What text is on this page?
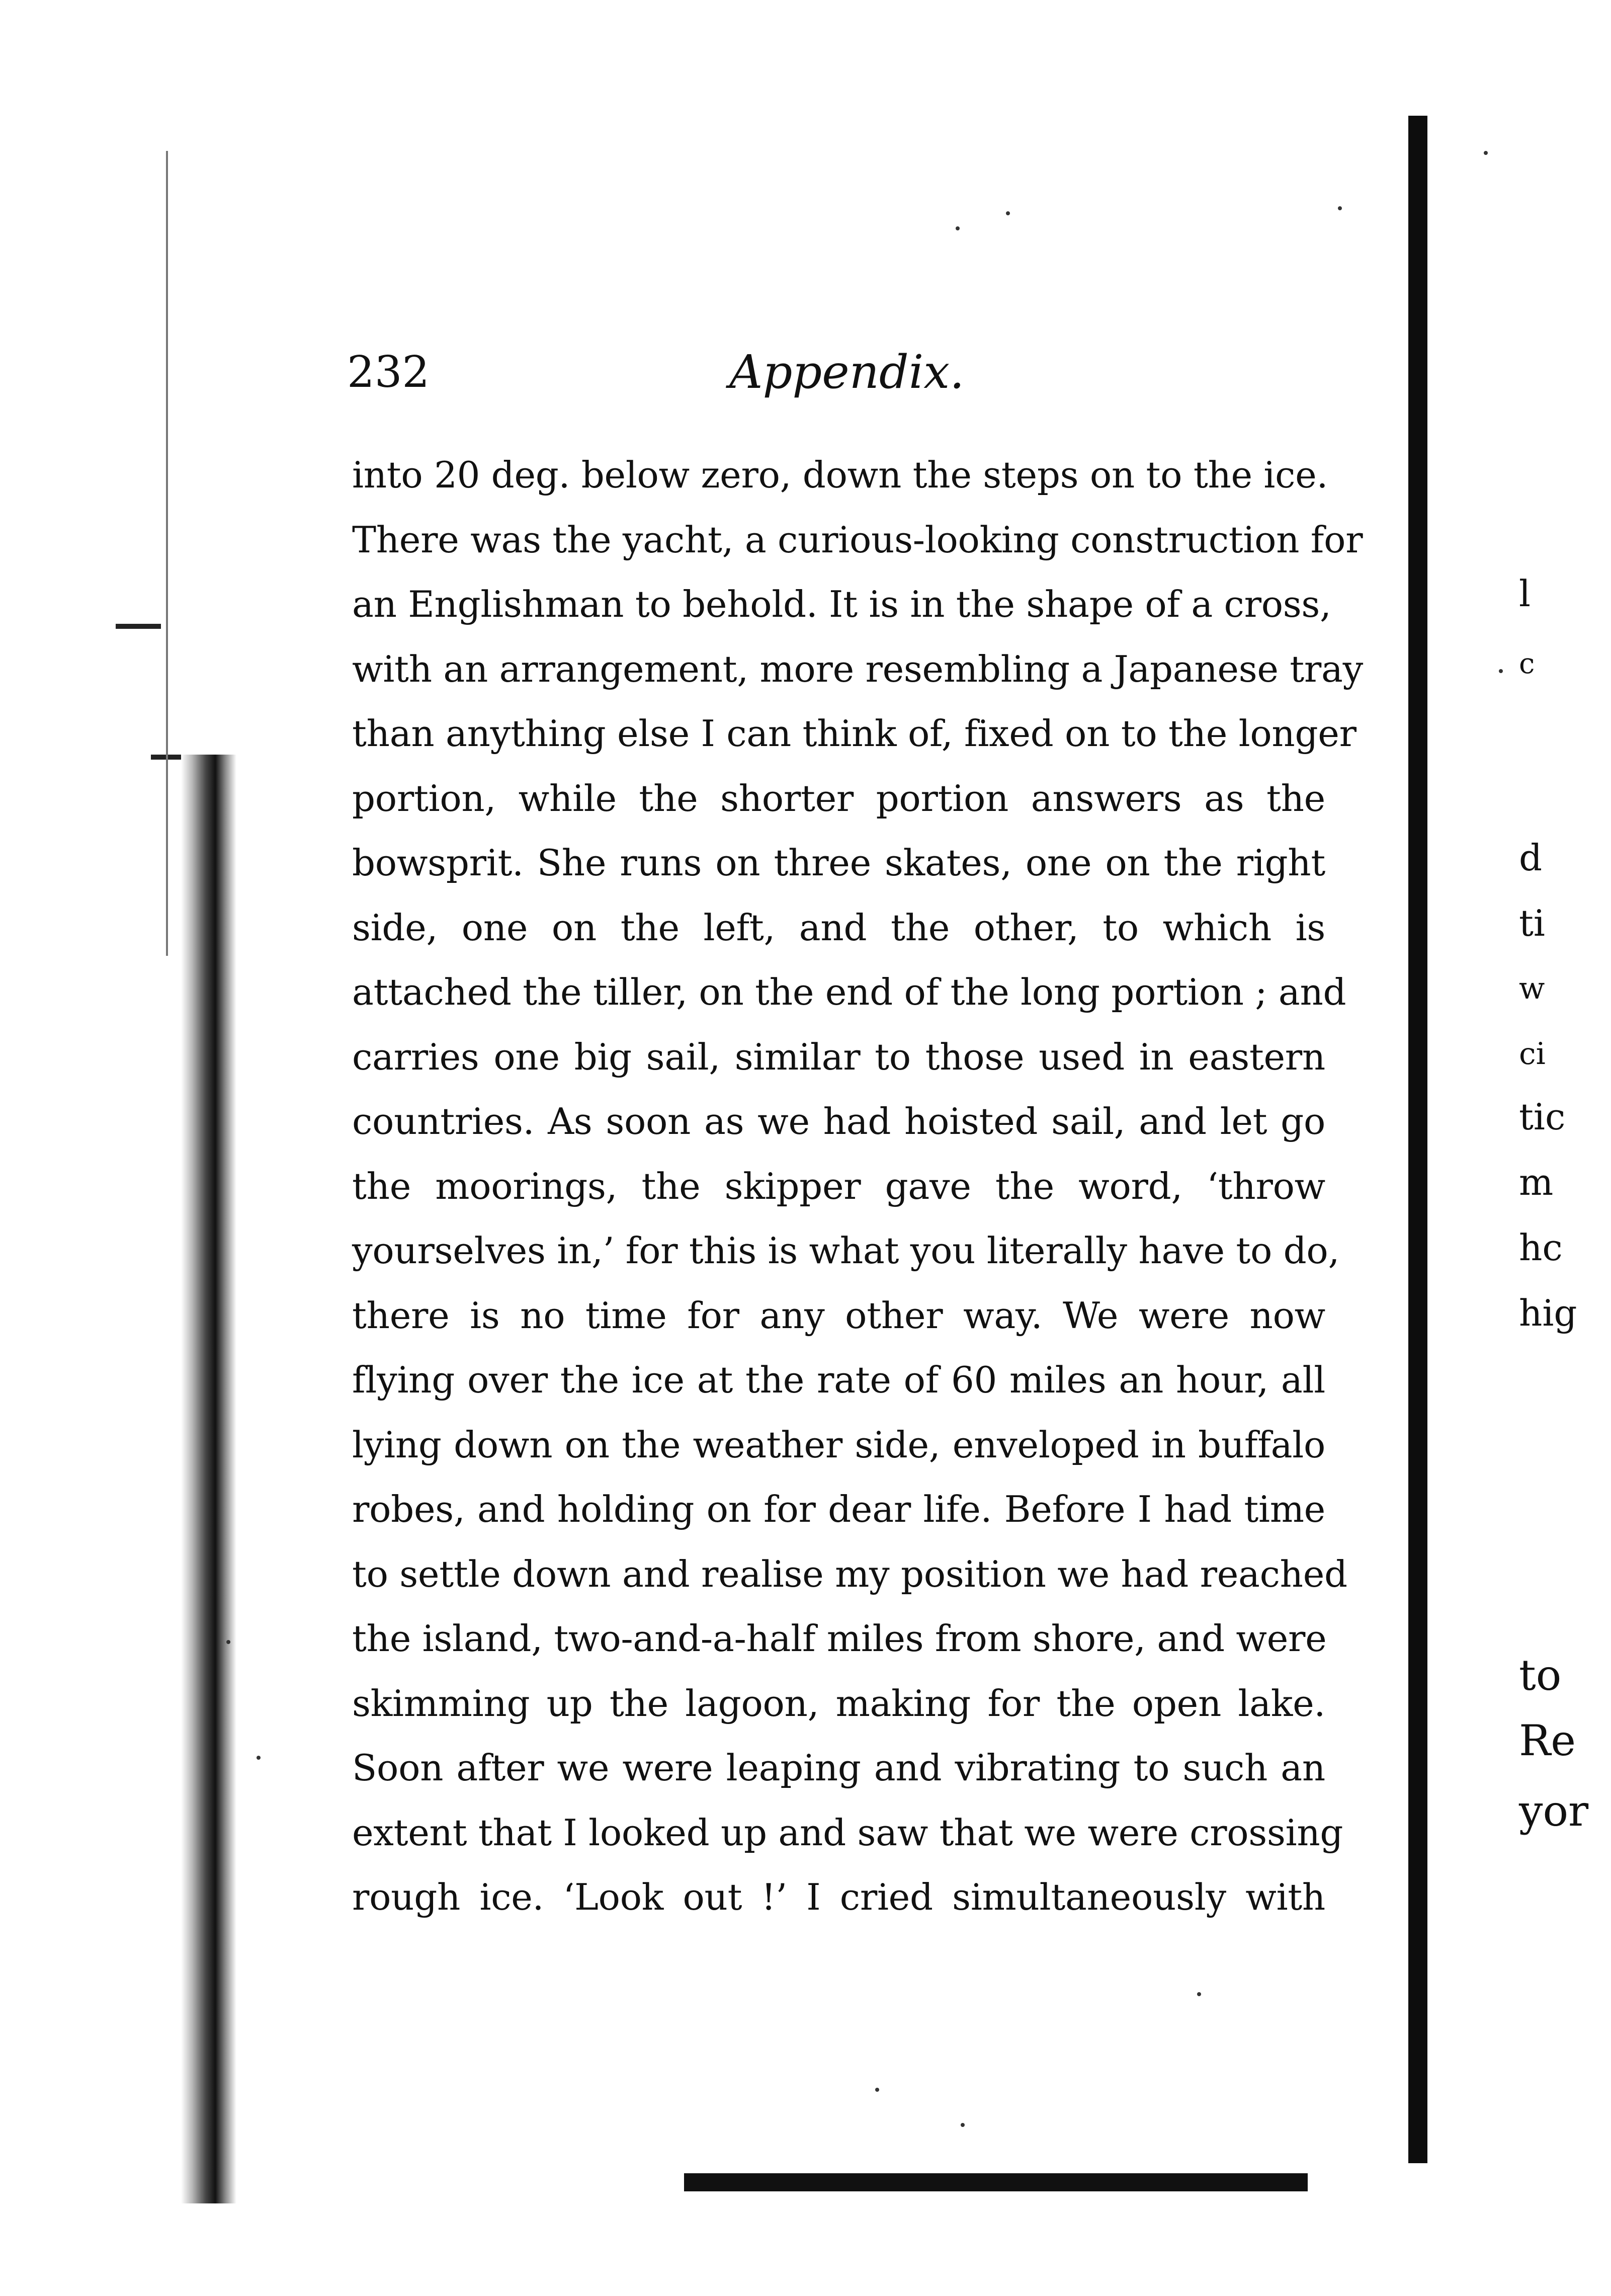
232	Appendix.
into 20 deg. below zero, down the steps on to the ice.
There was the yacht, a curious-looking construction for
an Englishman to behold. It is in the shape of a cross,
with an arrangement, more resembling a Japanese tray
than anything else I can think of, fixed on to the longer
portion, while the shorter portion answers as the
bowsprit. She runs on three skates, one on the right
side, one on the left, and the other, to which is
attached the tiller, on the end of the long portion ; and
carries one big sail, similar to those used in eastern
countries. As soon as we had hoisted sail, and let go
the moorings, the skipper gave the word, ‘throw
yourselves in,’ for this is what you literally have to do,
there is no time for any other way. We were now
flying over the ice at the rate of 60 miles an hour, all
lying down on the weather side, enveloped in buffalo
robes, and holding on for dear life. Before I had time
to settle down and realise my position we had reached
the island, two-and-a-half miles from shore, and were
skimming up the lagoon, making for the open lake.
Soon after we were leaping and vibrating to such an
extent that I looked up and saw that we were crossing
rough ice. ‘Look out !’ I cried simultaneously with
l
c
d
ti
w
ci
tic
m
hc
hig
to
Re
yor
